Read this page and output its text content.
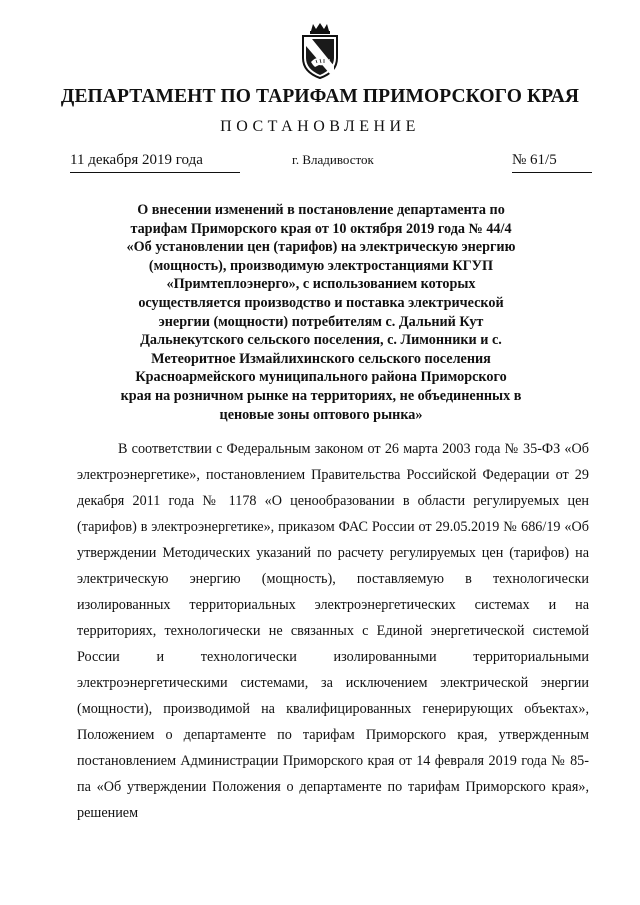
ДЕПАРТАМЕНТ ПО ТАРИФАМ ПРИМОРСКОГО КРАЯ
ПОСТАНОВЛЕНИЕ
11 декабря 2019 года	г. Владивосток	№ 61/5
О внесении изменений в постановление департамента по тарифам Приморского края от 10 октября 2019 года № 44/4 «Об установлении цен (тарифов) на электрическую энергию (мощность), производимую электростанциями КГУП «Примтеплоэнерго», с использованием которых осуществляется производство и поставка электрической энергии (мощности) потребителям с. Дальний Кут Дальнекутского сельского поселения, с. Лимонники и с. Метеоритное Измайлихинского сельского поселения Красноармейского муниципального района Приморского края на розничном рынке на территориях, не объединенных в ценовые зоны оптового рынка»

В соответствии с Федеральным законом от 26 марта 2003 года № 35-ФЗ «Об электроэнергетике», постановлением Правительства Российской Федерации от 29 декабря 2011 года № 1178 «О ценообразовании в области регулируемых цен (тарифов) в электроэнергетике», приказом ФАС России от 29.05.2019 № 686/19 «Об утверждении Методических указаний по расчету регулируемых цен (тарифов) на электрическую энергию (мощность), поставляемую в технологически изолированных территориальных электроэнергетических системах и на территориях, технологически не связанных с Единой энергетической системой России и технологически изолированными территориальными электроэнергетическими системами, за исключением электрической энергии (мощности), производимой на квалифицированных генерирующих объектах», Положением о департаменте по тарифам Приморского края, утвержденным постановлением Администрации Приморского края от 14 февраля 2019 года № 85-па «Об утверждении Положения о департаменте по тарифам Приморского края», решением
